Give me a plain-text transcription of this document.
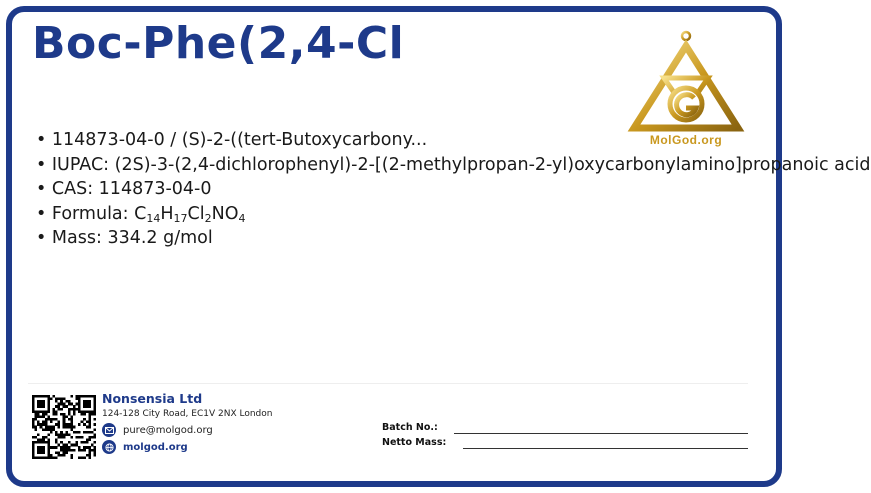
Boc-Phe(2,4-Cl
MolGod.org
• 114873-04-0 / (S)-2-((tert-Butoxycarbony...
• IUPAC: (2S)-3-(2,4-dichlorophenyl)-2-[(2-methylpropan-2-yl)oxycarbonylamino]propanoic acid
• CAS: 114873-04-0
• Formula: $C_{14}H_{17}Cl_2NO_4$
• Mass: 334.2 g/mol
Nonsensia Ltd
124-128 City Road, EC1V 2NX London
pure@molgod.org
molgod.org
Batch No.:
Netto Mass:
